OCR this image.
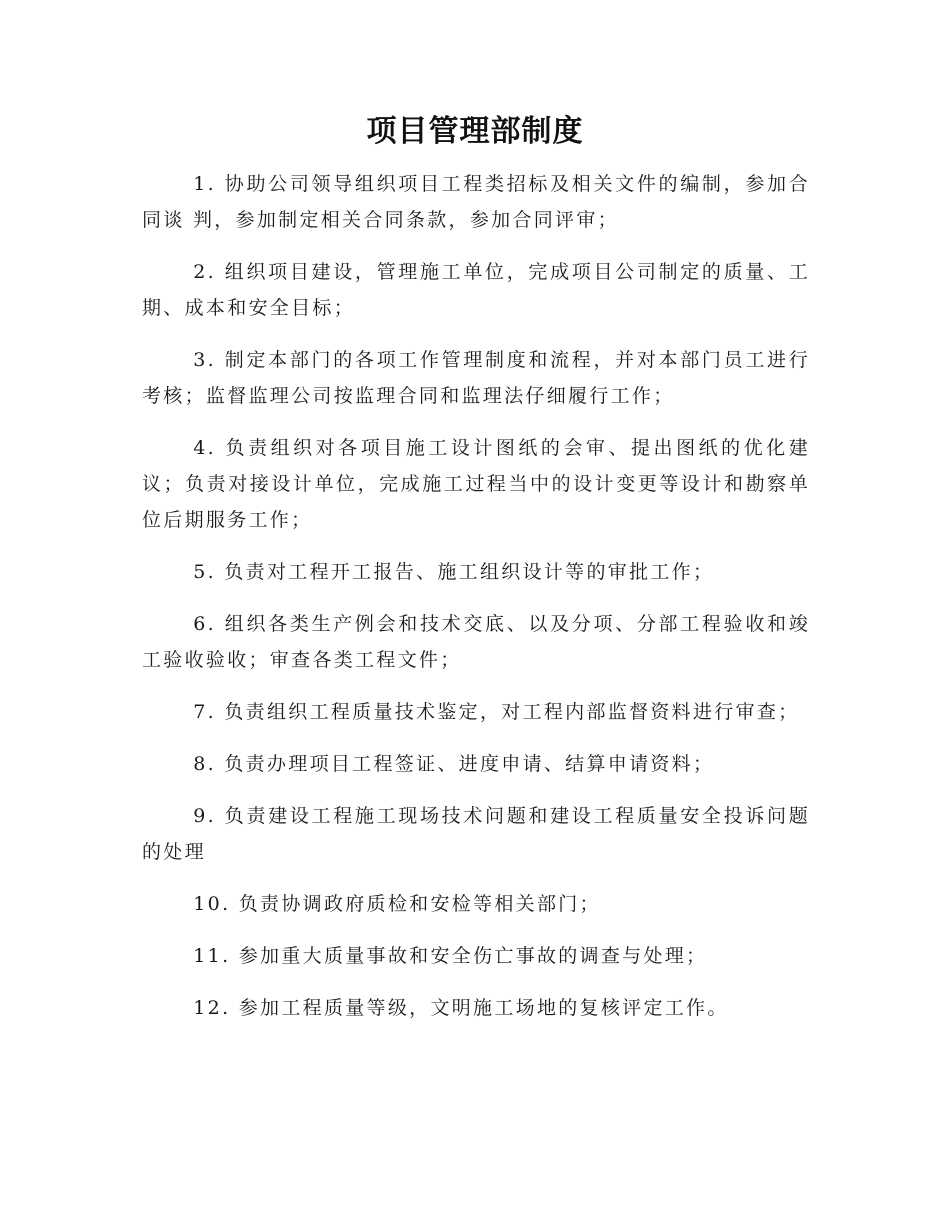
项目管理部制度

1. 协助公司领导组织项目工程类招标及相关文件的编制，参加合同谈 判，参加制定相关合同条款，参加合同评审；

2. 组织项目建设，管理施工单位，完成项目公司制定的质量、工期、成本和安全目标；

3. 制定本部门的各项工作管理制度和流程，并对本部门员工进行考核；监督监理公司按监理合同和监理法仔细履行工作；

4. 负责组织对各项目施工设计图纸的会审、提出图纸的优化建议；负责对接设计单位，完成施工过程当中的设计变更等设计和勘察单位后期服务工作；

5. 负责对工程开工报告、施工组织设计等的审批工作；

6. 组织各类生产例会和技术交底、以及分项、分部工程验收和竣工验收验收；审查各类工程文件；

7. 负责组织工程质量技术鉴定，对工程内部监督资料进行审查；

8. 负责办理项目工程签证、进度申请、结算申请资料；

9. 负责建设工程施工现场技术问题和建设工程质量安全投诉问题的处理

10. 负责协调政府质检和安检等相关部门；

11. 参加重大质量事故和安全伤亡事故的调查与处理；

12. 参加工程质量等级，文明施工场地的复核评定工作。
